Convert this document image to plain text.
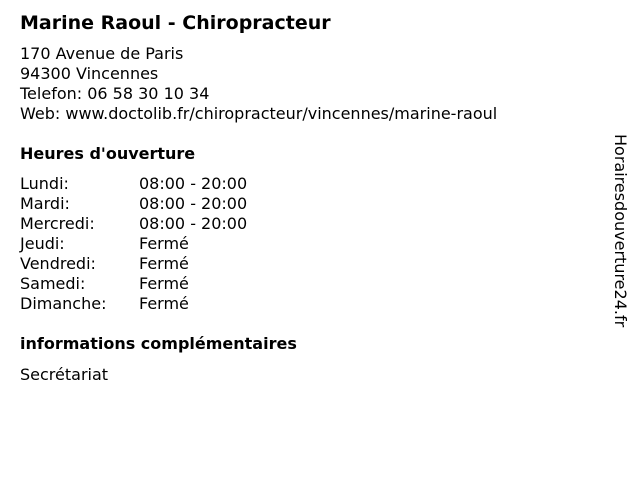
Marine Raoul - Chiropracteur
170 Avenue de Paris
94300 Vincennes
Telefon: 06 58 30 10 34
Web: www.doctolib.fr/chiropracteur/vincennes/marine-raoul
Heures d'ouverture
Lundi:	08:00 - 20:00
Mardi:	08:00 - 20:00
Mercredi:	08:00 - 20:00
Jeudi:	Fermé
Vendredi:	Fermé
Samedi:	Fermé
Dimanche:	Fermé
informations complémentaires
Secrétariat
Horairesdouverture24.fr
